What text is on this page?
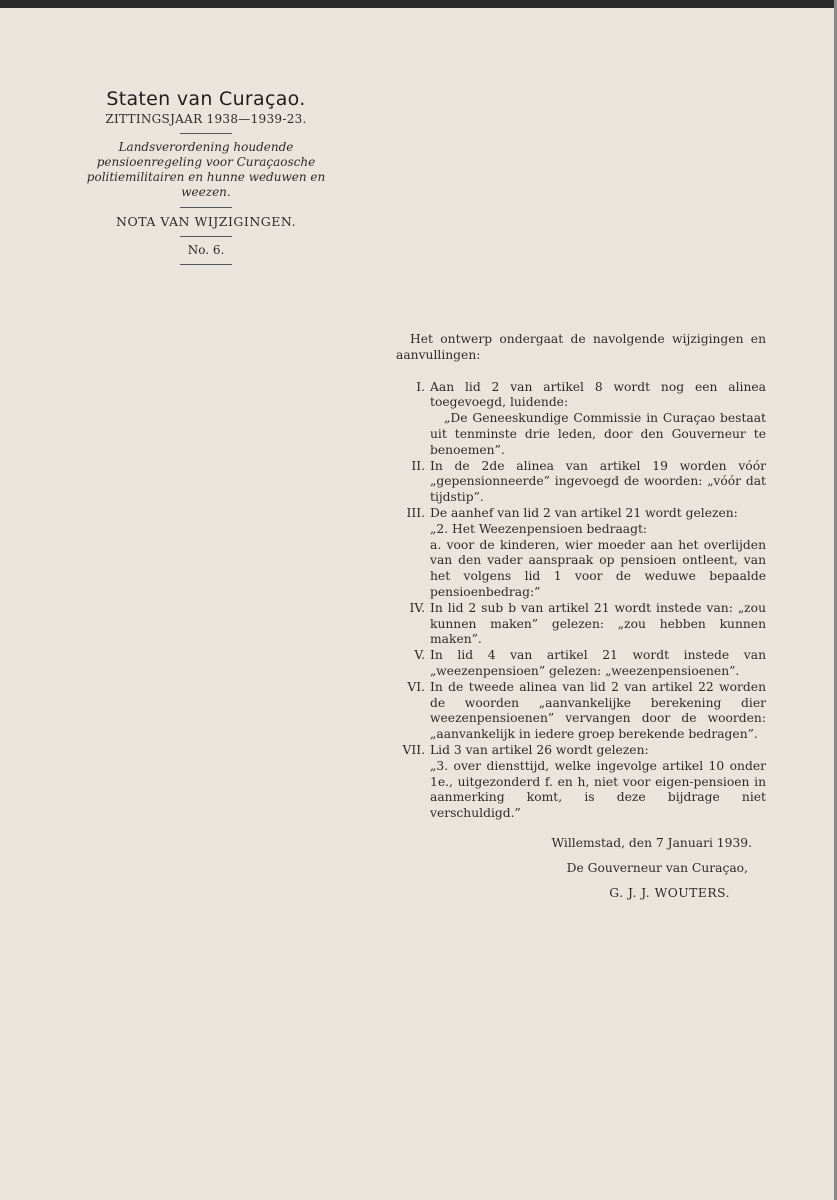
Staten van Curaçao.
ZITTINGSJAAR 1938—1939-23.
Landsverordening houdende pensioenregeling voor Curaçaosche politiemilitairen en hunne weduwen en weezen.
NOTA VAN WIJZIGINGEN.
No. 6.
Het ontwerp ondergaat de navolgende wijzigingen en aanvullingen:
I. Aan lid 2 van artikel 8 wordt nog een alinea toegevoegd, luidende:
„De Geneeskundige Commissie in Curaçao bestaat uit tenminste drie leden, door den Gouverneur te benoemen”.
II. In de 2de alinea van artikel 19 worden vóór „gepensionneerde” ingevoegd de woorden: „vóór dat tijdstip”.
III. De aanhef van lid 2 van artikel 21 wordt gelezen:
„2. Het Weezenpensioen bedraagt:
a. voor de kinderen, wier moeder aan het overlijden van den vader aanspraak op pensioen ontleent, van het volgens lid 1 voor de weduwe bepaalde pensioenbedrag:”
IV. In lid 2 sub b van artikel 21 wordt instede van: „zou kunnen maken” gelezen: „zou hebben kunnen maken”.
V. In lid 4 van artikel 21 wordt instede van „weezenpensioen” gelezen: „weezenpensioenen”.
VI. In de tweede alinea van lid 2 van artikel 22 worden de woorden „aanvankelijke berekening dier weezenpensioenen” vervangen door de woorden: „aanvankelijk in iedere groep berekende bedragen”.
VII. Lid 3 van artikel 26 wordt gelezen:
„3. over diensttijd, welke ingevolge artikel 10 onder 1e., uitgezonderd f. en h, niet voor eigen-pensioen in aanmerking komt, is deze bijdrage niet verschuldigd.”
Willemstad, den 7 Januari 1939.
De Gouverneur van Curaçao,
G. J. J. WOUTERS.
